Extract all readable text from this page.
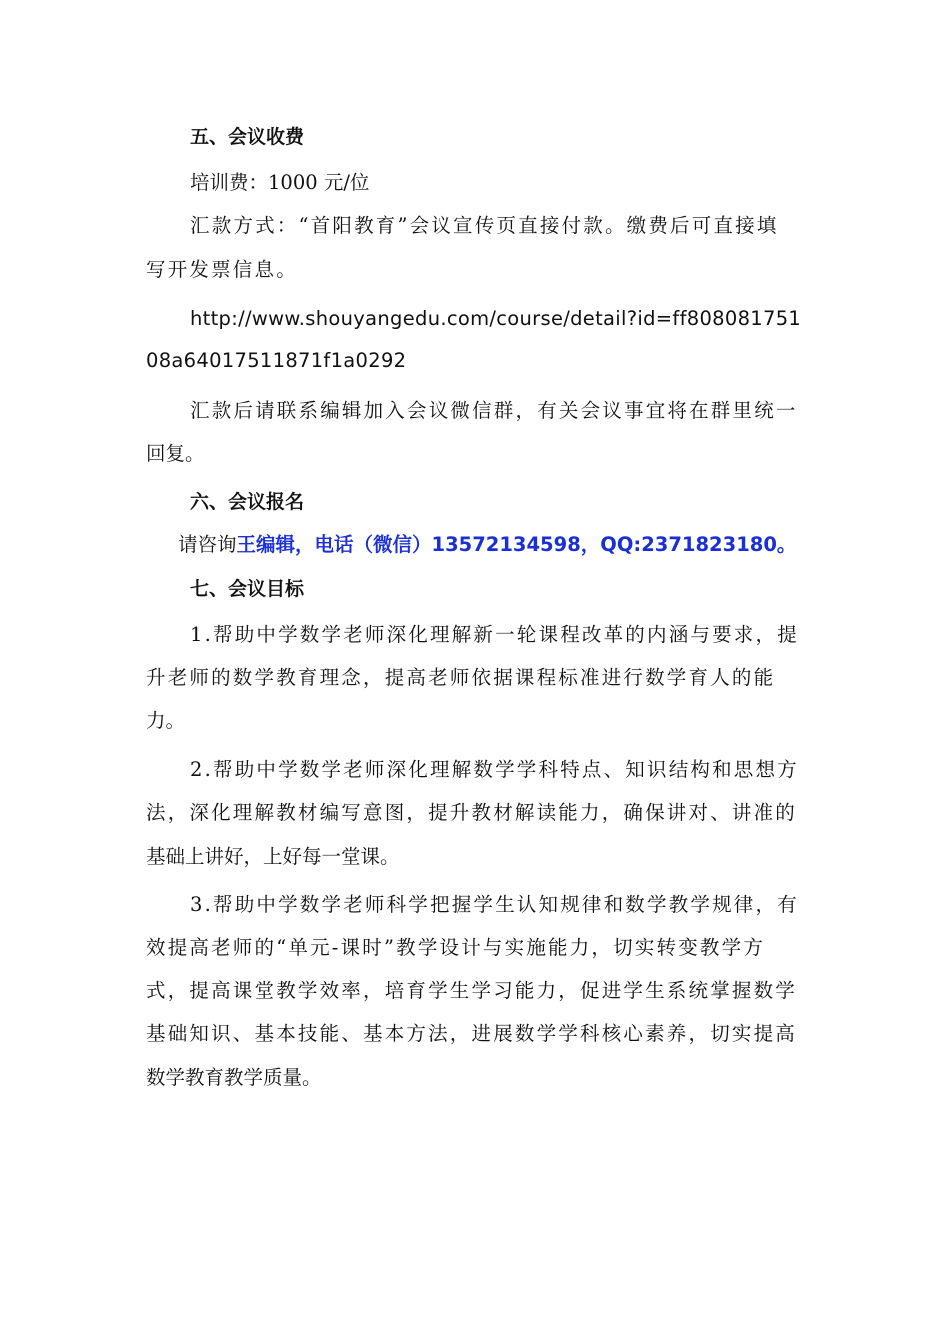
五、会议收费
培训费：1000 元/位
汇款方式：“首阳教育”会议宣传页直接付款。缴费后可直接填
写开发票信息。
http://www.shouyangedu.com/course/detail?id=ff808081751
08a64017511871f1a0292
汇款后请联系编辑加入会议微信群，有关会议事宜将在群里统一
回复。
六、会议报名
请咨询王编辑，电话（微信）13572134598，QQ:2371823180。
七、会议目标
1.帮助中学数学老师深化理解新一轮课程改革的内涵与要求，提
升老师的数学教育理念，提高老师依据课程标准进行数学育人的能
力。
2.帮助中学数学老师深化理解数学学科特点、知识结构和思想方
法，深化理解教材编写意图，提升教材解读能力，确保讲对、讲准的
基础上讲好，上好每一堂课。
3.帮助中学数学老师科学把握学生认知规律和数学教学规律，有
效提高老师的“单元-课时”教学设计与实施能力，切实转变教学方
式，提高课堂教学效率，培育学生学习能力，促进学生系统掌握数学
基础知识、基本技能、基本方法，进展数学学科核心素养，切实提高
数学教育教学质量。
